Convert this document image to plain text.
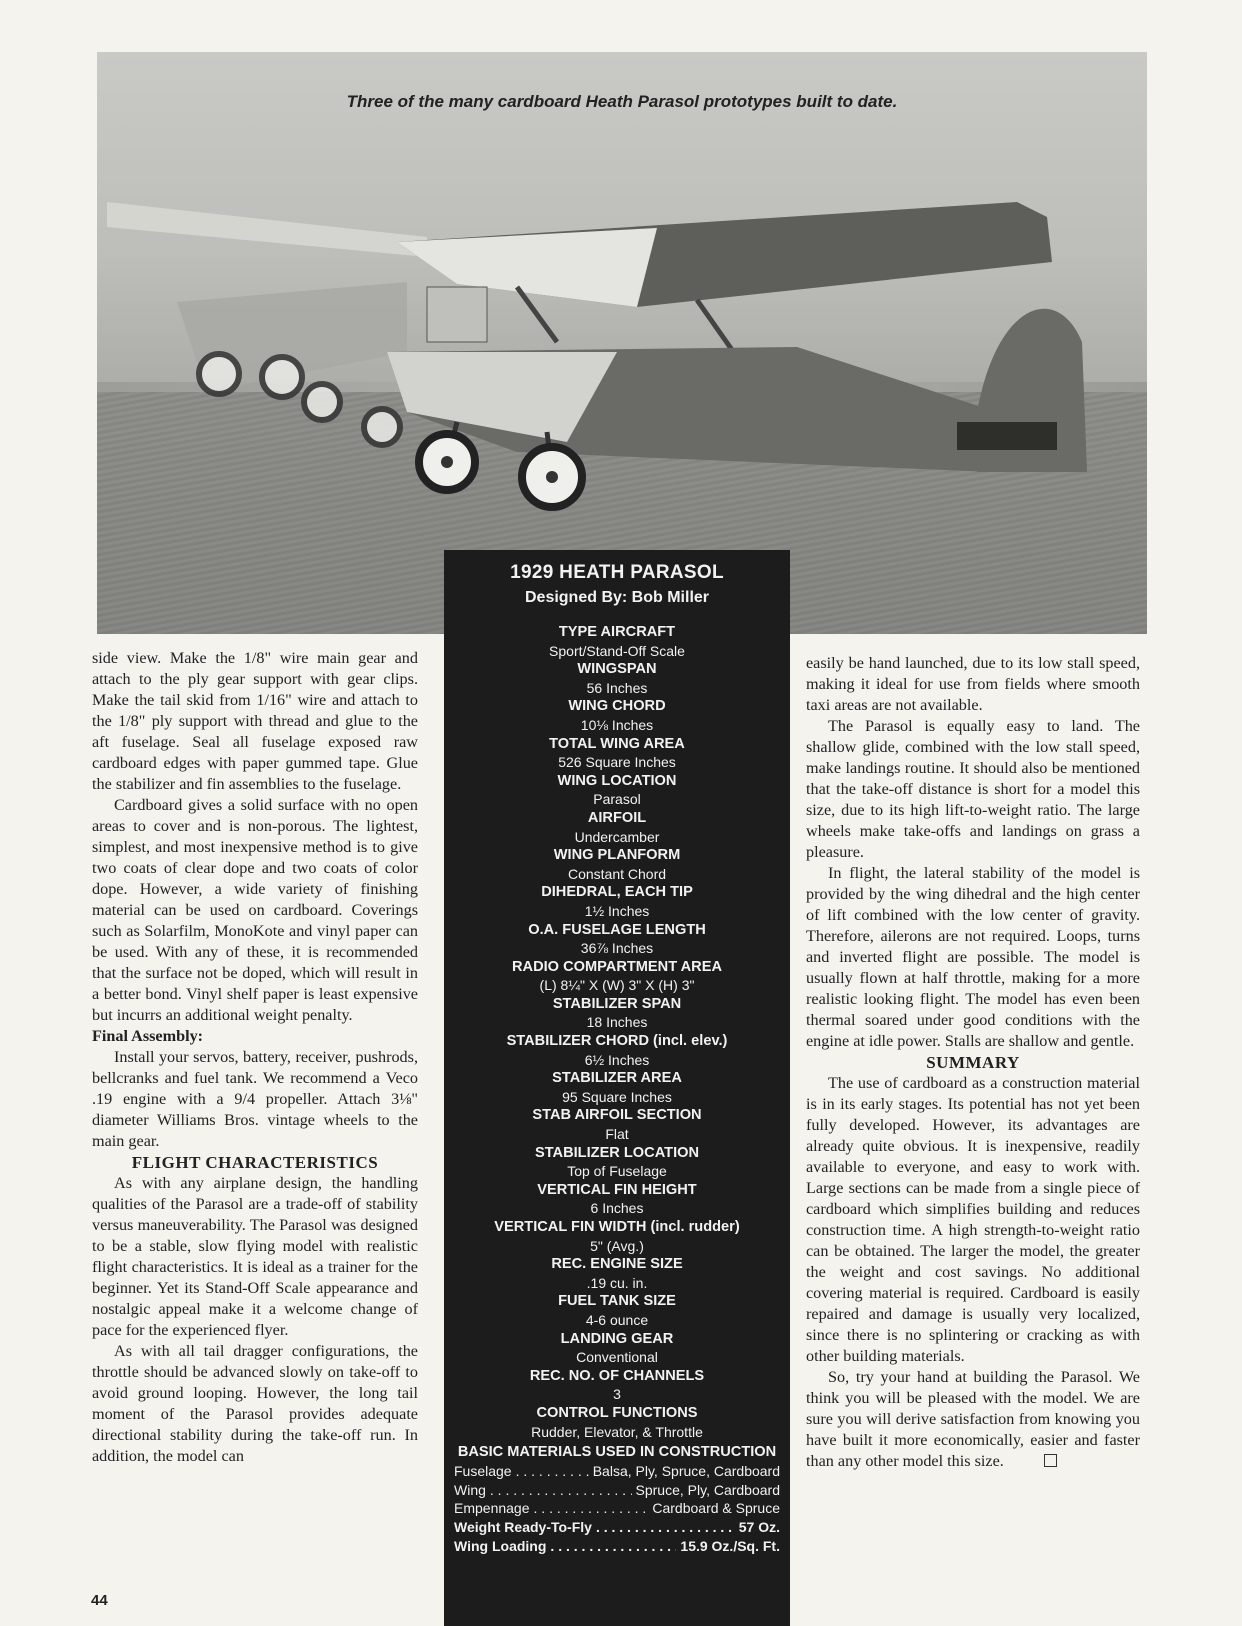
Three of the many cardboard Heath Parasol prototypes built to date.

side view. Make the 1/8" wire main gear and attach to the ply gear support with gear clips. Make the tail skid from 1/16" wire and attach to the 1/8" ply support with thread and glue to the aft fuselage. Seal all fuselage exposed raw cardboard edges with paper gummed tape. Glue the stabilizer and fin assemblies to the fuselage.

Cardboard gives a solid surface with no open areas to cover and is non-porous. The lightest, simplest, and most inexpensive method is to give two coats of clear dope and two coats of color dope. However, a wide variety of finishing material can be used on cardboard. Coverings such as Solarfilm, MonoKote and vinyl paper can be used. With any of these, it is recommended that the surface not be doped, which will result in a better bond. Vinyl shelf paper is least expensive but incurrs an additional weight penalty.

Final Assembly:

Install your servos, battery, receiver, pushrods, bellcranks and fuel tank. We recommend a Veco .19 engine with a 9/4 propeller. Attach 3⅛" diameter Williams Bros. vintage wheels to the main gear.

FLIGHT CHARACTERISTICS

As with any airplane design, the handling qualities of the Parasol are a trade-off of stability versus maneuverability. The Parasol was designed to be a stable, slow flying model with realistic flight characteristics. It is ideal as a trainer for the beginner. Yet its Stand-Off Scale appearance and nostalgic appeal make it a welcome change of pace for the experienced flyer.

As with all tail dragger configurations, the throttle should be advanced slowly on take-off to avoid ground looping. However, the long tail moment of the Parasol provides adequate directional stability during the take-off run. In addition, the model can

1929 HEATH PARASOL
Designed By: Bob Miller
TYPE AIRCRAFT
Sport/Stand-Off Scale
WINGSPAN
56 Inches
WING CHORD
10⅛ Inches
TOTAL WING AREA
526 Square Inches
WING LOCATION
Parasol
AIRFOIL
Undercamber
WING PLANFORM
Constant Chord
DIHEDRAL, EACH TIP
1½ Inches
O.A. FUSELAGE LENGTH
36⅞ Inches
RADIO COMPARTMENT AREA
(L) 8¼" X (W) 3" X (H) 3"
STABILIZER SPAN
18 Inches
STABILIZER CHORD (incl. elev.)
6½ Inches
STABILIZER AREA
95 Square Inches
STAB AIRFOIL SECTION
Flat
STABILIZER LOCATION
Top of Fuselage
VERTICAL FIN HEIGHT
6 Inches
VERTICAL FIN WIDTH (incl. rudder)
5" (Avg.)
REC. ENGINE SIZE
.19 cu. in.
FUEL TANK SIZE
4-6 ounce
LANDING GEAR
Conventional
REC. NO. OF CHANNELS
3
CONTROL FUNCTIONS
Rudder, Elevator, & Throttle
BASIC MATERIALS USED IN CONSTRUCTION
Fuselage . . .	Balsa, Ply, Spruce, Cardboard
Wing . . .	Spruce, Ply, Cardboard
Empennage . . .	Cardboard & Spruce
Weight Ready-To-Fly . . .	57 Oz.
Wing Loading . . .	15.9 Oz./Sq. Ft.

easily be hand launched, due to its low stall speed, making it ideal for use from fields where smooth taxi areas are not available.

The Parasol is equally easy to land. The shallow glide, combined with the low stall speed, make landings routine. It should also be mentioned that the take-off distance is short for a model this size, due to its high lift-to-weight ratio. The large wheels make take-offs and landings on grass a pleasure.

In flight, the lateral stability of the model is provided by the wing dihedral and the high center of lift combined with the low center of gravity. Therefore, ailerons are not required. Loops, turns and inverted flight are possible. The model is usually flown at half throttle, making for a more realistic looking flight. The model has even been thermal soared under good conditions with the engine at idle power. Stalls are shallow and gentle.

SUMMARY

The use of cardboard as a construction material is in its early stages. Its potential has not yet been fully developed. However, its advantages are already quite obvious. It is inexpensive, readily available to everyone, and easy to work with. Large sections can be made from a single piece of cardboard which simplifies building and reduces construction time. A high strength-to-weight ratio can be obtained. The larger the model, the greater the weight and cost savings. No additional covering material is required. Cardboard is easily repaired and damage is usually very localized, since there is no splintering or cracking as with other building materials.

So, try your hand at building the Parasol. We think you will be pleased with the model. We are sure you will derive satisfaction from knowing you have built it more economically, easier and faster than any other model this size.

44
